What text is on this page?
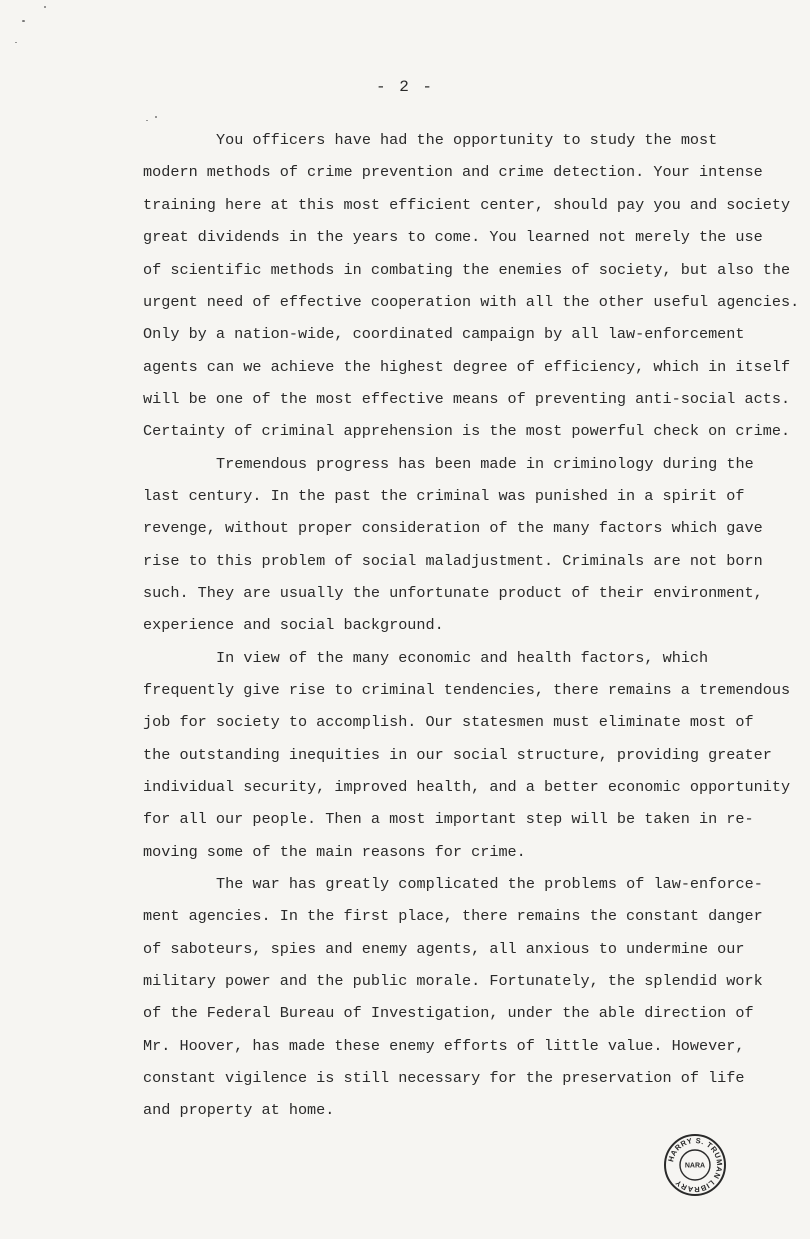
- 2 -
You officers have had the opportunity to study the most
modern methods of crime prevention and crime detection. Your intense
training here at this most efficient center, should pay you and society
great dividends in the years to come. You learned not merely the use
of scientific methods in combating the enemies of society, but also the
urgent need of effective cooperation with all the other useful agencies.
Only by a nation-wide, coordinated campaign by all law-enforcement
agents can we achieve the highest degree of efficiency, which in itself
will be one of the most effective means of preventing anti-social acts.
Certainty of criminal apprehension is the most powerful check on crime.
Tremendous progress has been made in criminology during the
last century. In the past the criminal was punished in a spirit of
revenge, without proper consideration of the many factors which gave
rise to this problem of social maladjustment. Criminals are not born
such. They are usually the unfortunate product of their environment,
experience and social background.
In view of the many economic and health factors, which
frequently give rise to criminal tendencies, there remains a tremendous
job for society to accomplish. Our statesmen must eliminate most of
the outstanding inequities in our social structure, providing greater
individual security, improved health, and a better economic opportunity
for all our people. Then a most important step will be taken in re-
moving some of the main reasons for crime.
The war has greatly complicated the problems of law-enforce-
ment agencies. In the first place, there remains the constant danger
of saboteurs, spies and enemy agents, all anxious to undermine our
military power and the public morale. Fortunately, the splendid work
of the Federal Bureau of Investigation, under the able direction of
Mr. Hoover, has made these enemy efforts of little value. However,
constant vigilence is still necessary for the preservation of life
and property at home.
HARRY S. TRUMAN LIBRARY
NARA
